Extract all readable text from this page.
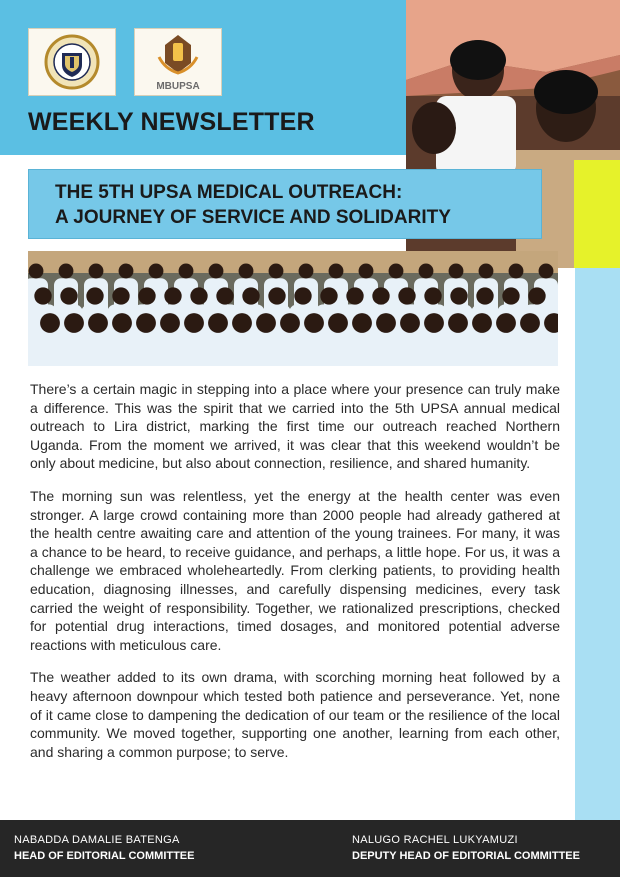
MBUPSA
WEEKLY NEWSLETTER
THE 5TH UPSA MEDICAL OUTREACH:
A JOURNEY OF SERVICE AND SOLIDARITY

There’s a certain magic in stepping into a place where your presence can truly make a difference. This was the spirit that we carried into the 5th UPSA annual medical outreach to Lira district, marking the first time our outreach reached Northern Uganda. From the moment we arrived, it was clear that this weekend wouldn’t be only about medicine, but also about connection, resilience, and shared humanity.

The morning sun was relentless, yet the energy at the health center was even stronger. A large crowd containing more than 2000 people had already gathered at the health centre awaiting care and attention of the young trainees. For many, it was a chance to be heard, to receive guidance, and perhaps, a little hope. For us, it was a challenge we embraced wholeheartedly. From clerking patients, to providing health education, diagnosing illnesses, and carefully dispensing medicines, every task carried the weight of responsibility. Together, we rationalized prescriptions, checked for potential drug interactions, timed dosages, and monitored potential adverse reactions with meticulous care.

The weather added to its own drama, with scorching morning heat followed by a heavy afternoon downpour which tested both patience and perseverance. Yet, none of it came close to dampening the dedication of our team or the resilience of the local community. We moved together, supporting one another, learning from each other, and sharing a common purpose; to serve.

NABADDA DAMALIE BATENGA
HEAD OF EDITORIAL COMMITTEE
NALUGO RACHEL LUKYAMUZI
DEPUTY HEAD OF EDITORIAL COMMITTEE
